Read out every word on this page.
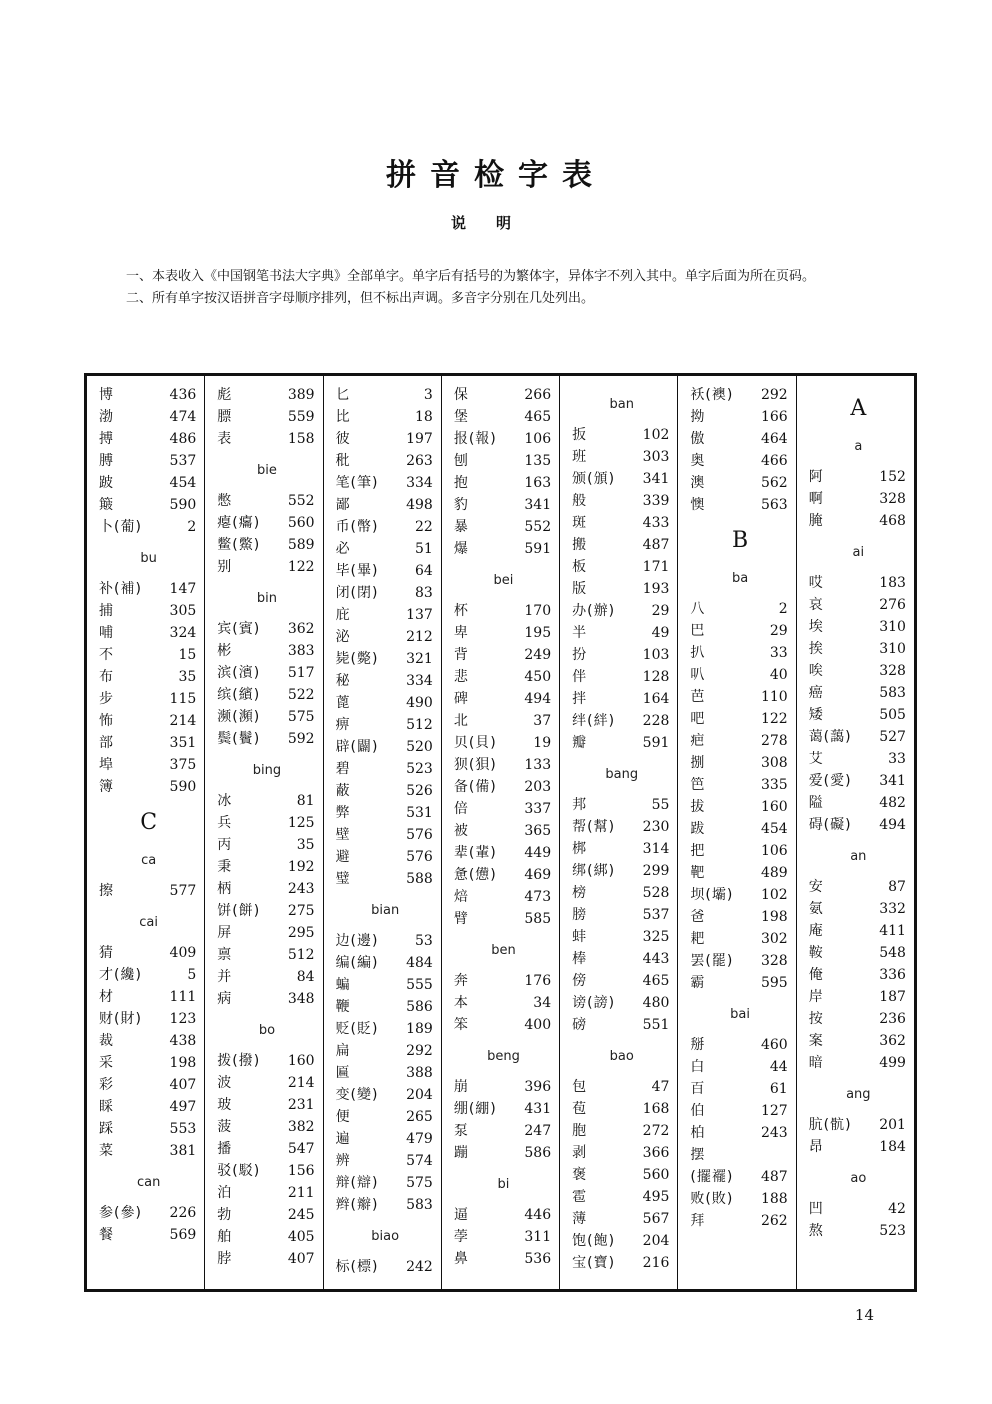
拼音检字表
说明

一、本表收入《中国钢笔书法大字典》全部单字。单字后有括号的为繁体字，异体字不列入其中。单字后面为所在页码。

二、所有单字按汉语拼音字母顺序排列，但不标出声调。多音字分别在几处列出。

博	436
渤	474
搏	486
膊	537
跛	454
簸	590
卜(葡)	2
bu
补(補) 147
捕	305
哺	324
不	15
布	35
步	115
怖	214
部	351
埠	375
簿	590
C
ca
擦	577
cai
猜	409
才(纔)	5
材	111
财(財) 123
裁	438
采	198
彩	407
睬	497
踩	553
菜	381
can
参(參) 226
餐	569
彪	389
膘	559
表	158
bie
憋	552
瘪(癟) 560
鳖(鱉) 589
别	122
bin
宾(賓) 362
彬	383
滨(濱) 517
缤(繽) 522
濒(瀕) 575
鬓(鬢) 592
bing
冰	81
兵	125
丙	35
秉	192
柄	243
饼(餅) 275
屏	295
禀	512
并	84
病	348
bo
拨(撥) 160
波	214
玻	231
菠	382
播	547
驳(駁) 156
泊	211
勃	245
舶	405
脖	407
匕	3
比	18
彼	197
秕	263
笔(筆) 334
鄙	498
币(幣)	22
必	51
毕(畢)	64
闭(閉)	83
庇	137
泌	212
毙(斃) 321
秘	334
蓖	490
痹	512
辟(闢) 520
碧	523
蔽	526
弊	531
壁	576
避	576
璧	588
bian
边(邊)	53
编(編) 484
蝙	555
鞭	586
贬(貶) 189
扁	292
匾	388
变(變) 204
便	265
遍	479
辨	574
辩(辯) 575
辫(辮) 583
biao
标(標) 242
保	266
堡	465
报(報) 106
刨	135
抱	163
豹	341
暴	552
爆	591
bei
杯	170
卑	195
背	249
悲	450
碑	494
北	37
贝(貝)	19
狈(狽) 133
备(備) 203
倍	337
被	365
辈(輩) 449
惫(憊) 469
焙	473
臂	585
ben
奔	176
本	34
笨	400
beng
崩	396
绷(綳) 431
泵	247
蹦	586
bi
逼	446
荸	311
鼻	536
ban
扳	102
班	303
颁(頒) 341
般	339
斑	433
搬	487
板	171
版	193
办(辦)	29
半	49
扮	103
伴	128
拌	164
绊(絆) 228
瓣	591
bang
邦	55
帮(幫) 230
梆	314
绑(綁) 299
榜	528
膀	537
蚌	325
棒	443
傍	465
谤(謗) 480
磅	551
bao
包	47
苞	168
胞	272
剥	366
褒	560
雹	495
薄	567
饱(飽) 204
宝(寶) 216
袄(襖) 292
拗	166
傲	464
奥	466
澳	562
懊	563
B
ba
八	2
巴	29
扒	33
叭	40
芭	110
吧	122
疤	278
捌	308
笆	335
拔	160
跋	454
把	106
靶	489
坝(壩) 102
爸	198
耙	302
罢(罷) 328
霸	595
bai
掰	460
白	44
百	61
伯	127
柏	243
摆
(擺襬) 487
败(敗) 188
拜	262
A
a
阿	152
啊	328
腌	468
ai
哎	183
哀	276
埃	310
挨	310
唉	328
癌	583
矮	505
蔼(藹) 527
艾	33
爱(愛) 341
隘	482
碍(礙) 494
an
安	87
氨	332
庵	411
鞍	548
俺	336
岸	187
按	236
案	362
暗	499
ang
肮(骯) 201
昂	184
ao
凹	42
熬	523
14
